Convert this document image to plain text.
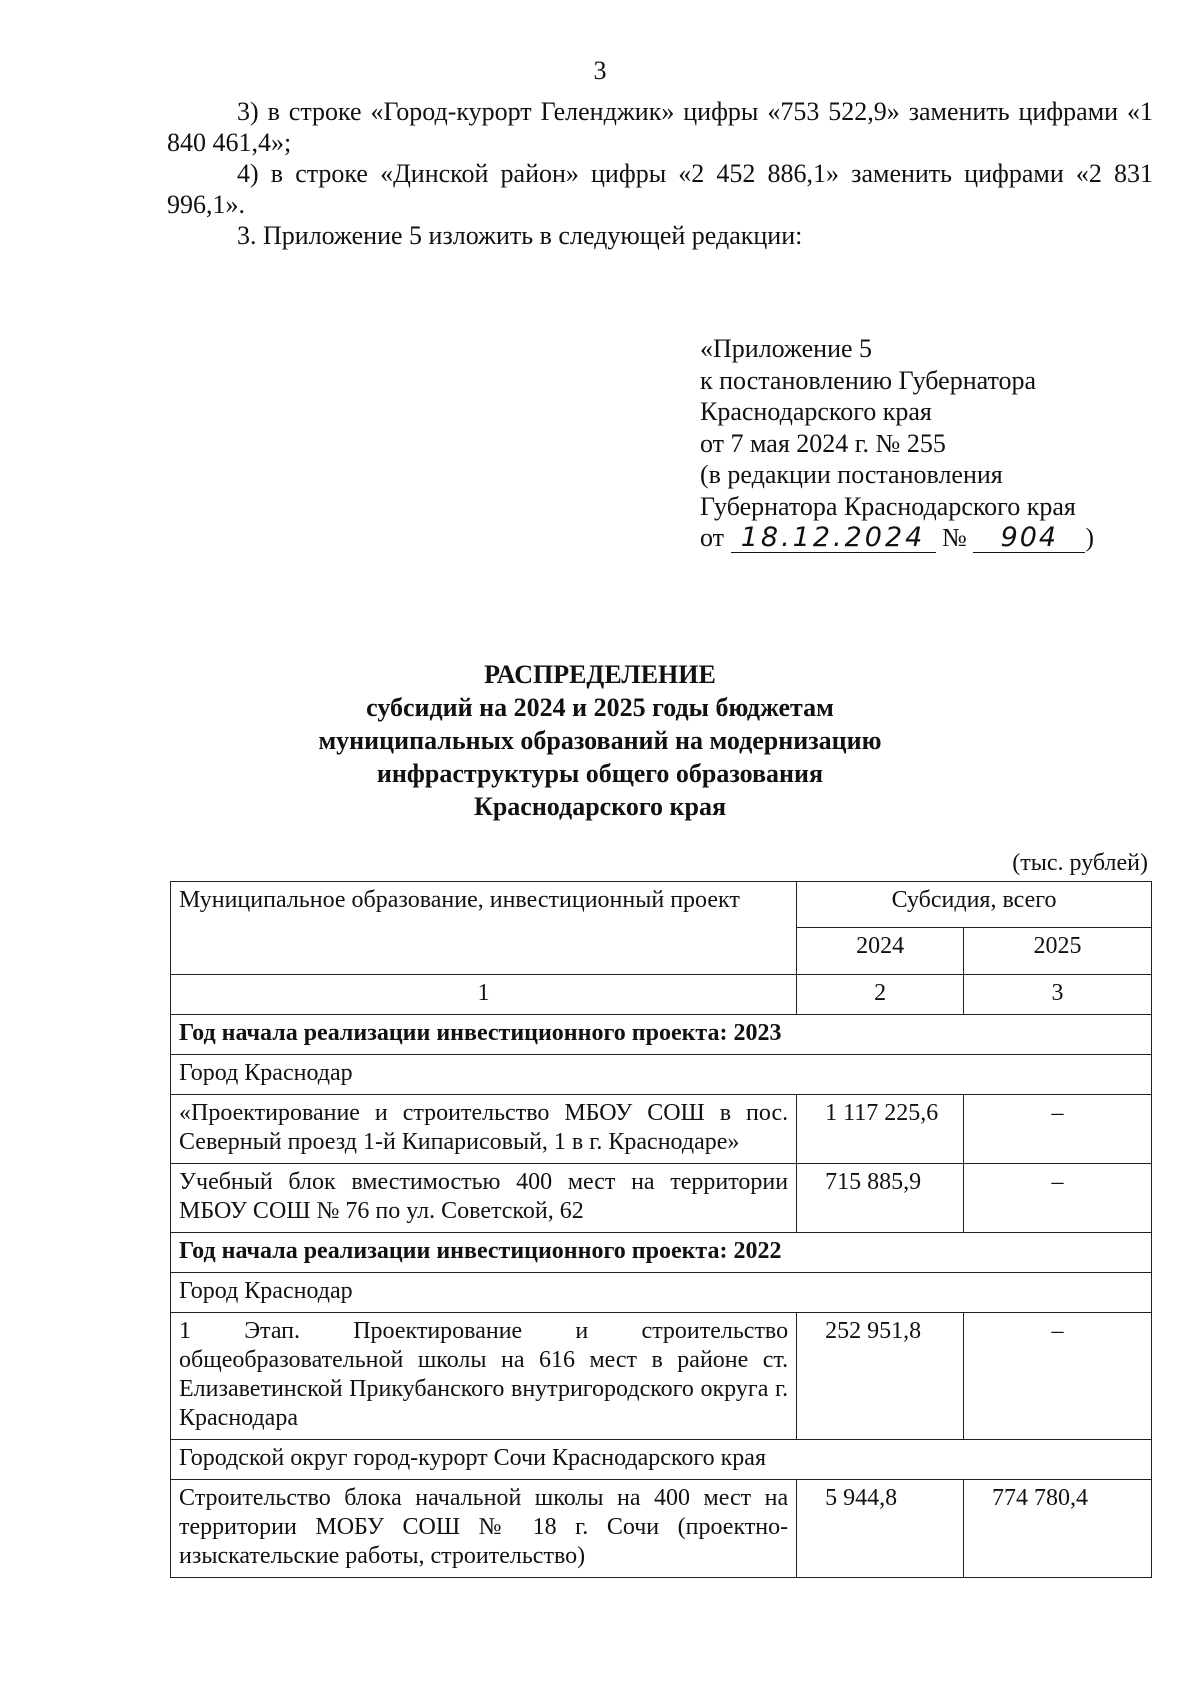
3

3) в строке «Город-курорт Геленджик» цифры «753 522,9» заменить цифрами «1 840 461,4»;

4) в строке «Динской район» цифры «2 452 886,1» заменить цифрами «2 831 996,1».

3. Приложение 5 изложить в следующей редакции:

«Приложение 5
к постановлению Губернатора
Краснодарского края
от 7 мая 2024 г. № 255
(в редакции постановления
Губернатора Краснодарского края
от 18.12.2024 № 904 )
РАСПРЕДЕЛЕНИЕ
субсидий на 2024 и 2025 годы бюджетам
муниципальных образований на модернизацию
инфраструктуры общего образования
Краснодарского края
(тыс. рублей)
Муниципальное образование, инвестиционный проект	Субсидия, всего	
	2024	2025
1	2	3
Год начала реализации инвестиционного проекта: 2023		
Город Краснодар		
«Проектирование и строительство МБОУ СОШ в пос. Северный проезд 1-й Кипарисовый, 1 в г. Краснодаре»	1 117 225,6	–
Учебный блок вместимостью 400 мест на территории МБОУ СОШ № 76 по ул. Советской, 62	715 885,9	–
Год начала реализации инвестиционного проекта: 2022		
Город Краснодар		
1 Этап. Проектирование и строительство общеобразовательной школы на 616 мест в районе ст. Елизаветинской Прикубанского внутригородского округа г. Краснодара	252 951,8	–
Городской округ город-курорт Сочи Краснодарского края		
Строительство блока начальной школы на 400 мест на территории МОБУ СОШ № 18 г. Сочи (проектно-изыскательские работы, строительство)	5 944,8	774 780,4
